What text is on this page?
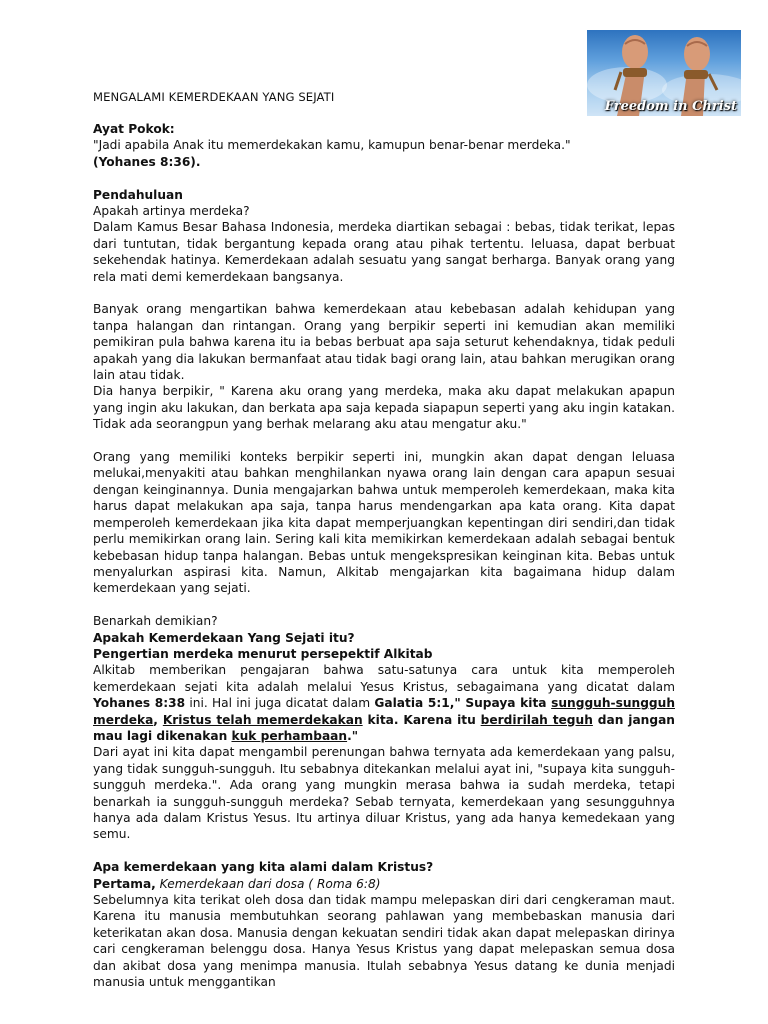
Freedom in Christ
MENGALAMI KEMERDEKAAN YANG SEJATI

Ayat Pokok:

"Jadi apabila Anak itu memerdekakan kamu, kamupun benar-benar merdeka."

(Yohanes 8:36).

Pendahuluan

Apakah artinya merdeka?

Dalam Kamus Besar Bahasa Indonesia, merdeka diartikan sebagai : bebas, tidak terikat, lepas dari tuntutan, tidak bergantung kepada orang atau pihak tertentu. leluasa, dapat berbuat sekehendak hatinya. Kemerdekaan adalah sesuatu yang sangat berharga. Banyak orang yang rela mati demi kemerdekaan bangsanya.

Banyak orang mengartikan bahwa kemerdekaan atau kebebasan adalah kehidupan yang tanpa halangan dan rintangan. Orang yang berpikir seperti ini kemudian akan memiliki pemikiran pula bahwa karena itu ia bebas berbuat apa saja seturut kehendaknya, tidak peduli apakah yang dia lakukan bermanfaat atau tidak bagi orang lain, atau bahkan merugikan orang lain atau tidak.

Dia hanya berpikir, " Karena aku orang yang merdeka, maka aku dapat melakukan apapun yang ingin aku lakukan, dan berkata apa saja kepada siapapun seperti yang aku ingin katakan. Tidak ada seorangpun yang berhak melarang aku atau mengatur aku."

Orang yang memiliki konteks berpikir seperti ini, mungkin akan dapat dengan leluasa melukai,menyakiti atau bahkan menghilankan nyawa orang lain dengan cara apapun sesuai dengan keinginannya. Dunia mengajarkan bahwa untuk memperoleh kemerdekaan, maka kita harus dapat melakukan apa saja, tanpa harus mendengarkan apa kata orang. Kita dapat memperoleh kemerdekaan jika kita dapat memperjuangkan kepentingan diri sendiri,dan tidak perlu memikirkan orang lain. Sering kali kita memikirkan kemerdekaan adalah sebagai bentuk kebebasan hidup tanpa halangan. Bebas untuk mengekspresikan keinginan kita. Bebas untuk menyalurkan aspirasi kita. Namun, Alkitab mengajarkan kita bagaimana hidup dalam kemerdekaan yang sejati.

Benarkah demikian?

Apakah Kemerdekaan Yang Sejati itu?

Pengertian merdeka menurut persepektif Alkitab

Alkitab memberikan pengajaran bahwa satu-satunya cara untuk kita memperoleh kemerdekaan sejati kita adalah melalui Yesus Kristus, sebagaimana yang dicatat dalam Yohanes 8:38 ini. Hal ini juga dicatat dalam Galatia 5:1," Supaya kita sungguh-sungguh merdeka, Kristus telah memerdekakan kita. Karena itu berdirilah teguh dan jangan mau lagi dikenakan kuk perhambaan."

Dari ayat ini kita dapat mengambil perenungan bahwa ternyata ada kemerdekaan yang palsu, yang tidak sungguh-sungguh. Itu sebabnya ditekankan melalui ayat ini, "supaya kita sungguh-sungguh merdeka.". Ada orang yang mungkin merasa bahwa ia sudah merdeka, tetapi benarkah ia sungguh-sungguh merdeka? Sebab ternyata, kemerdekaan yang sesungguhnya hanya ada dalam Kristus Yesus. Itu artinya diluar Kristus, yang ada hanya kemedekaan yang semu.

Apa kemerdekaan yang kita alami dalam Kristus?

Pertama, Kemerdekaan dari dosa ( Roma 6:8)

Sebelumnya kita terikat oleh dosa dan tidak mampu melepaskan diri dari cengkeraman maut. Karena itu manusia membutuhkan seorang pahlawan yang membebaskan manusia dari keterikatan akan dosa. Manusia dengan kekuatan sendiri tidak akan dapat melepaskan dirinya cari cengkeraman belenggu dosa. Hanya Yesus Kristus yang dapat melepaskan semua dosa dan akibat dosa yang menimpa manusia. Itulah sebabnya Yesus datang ke dunia menjadi manusia untuk menggantikan
